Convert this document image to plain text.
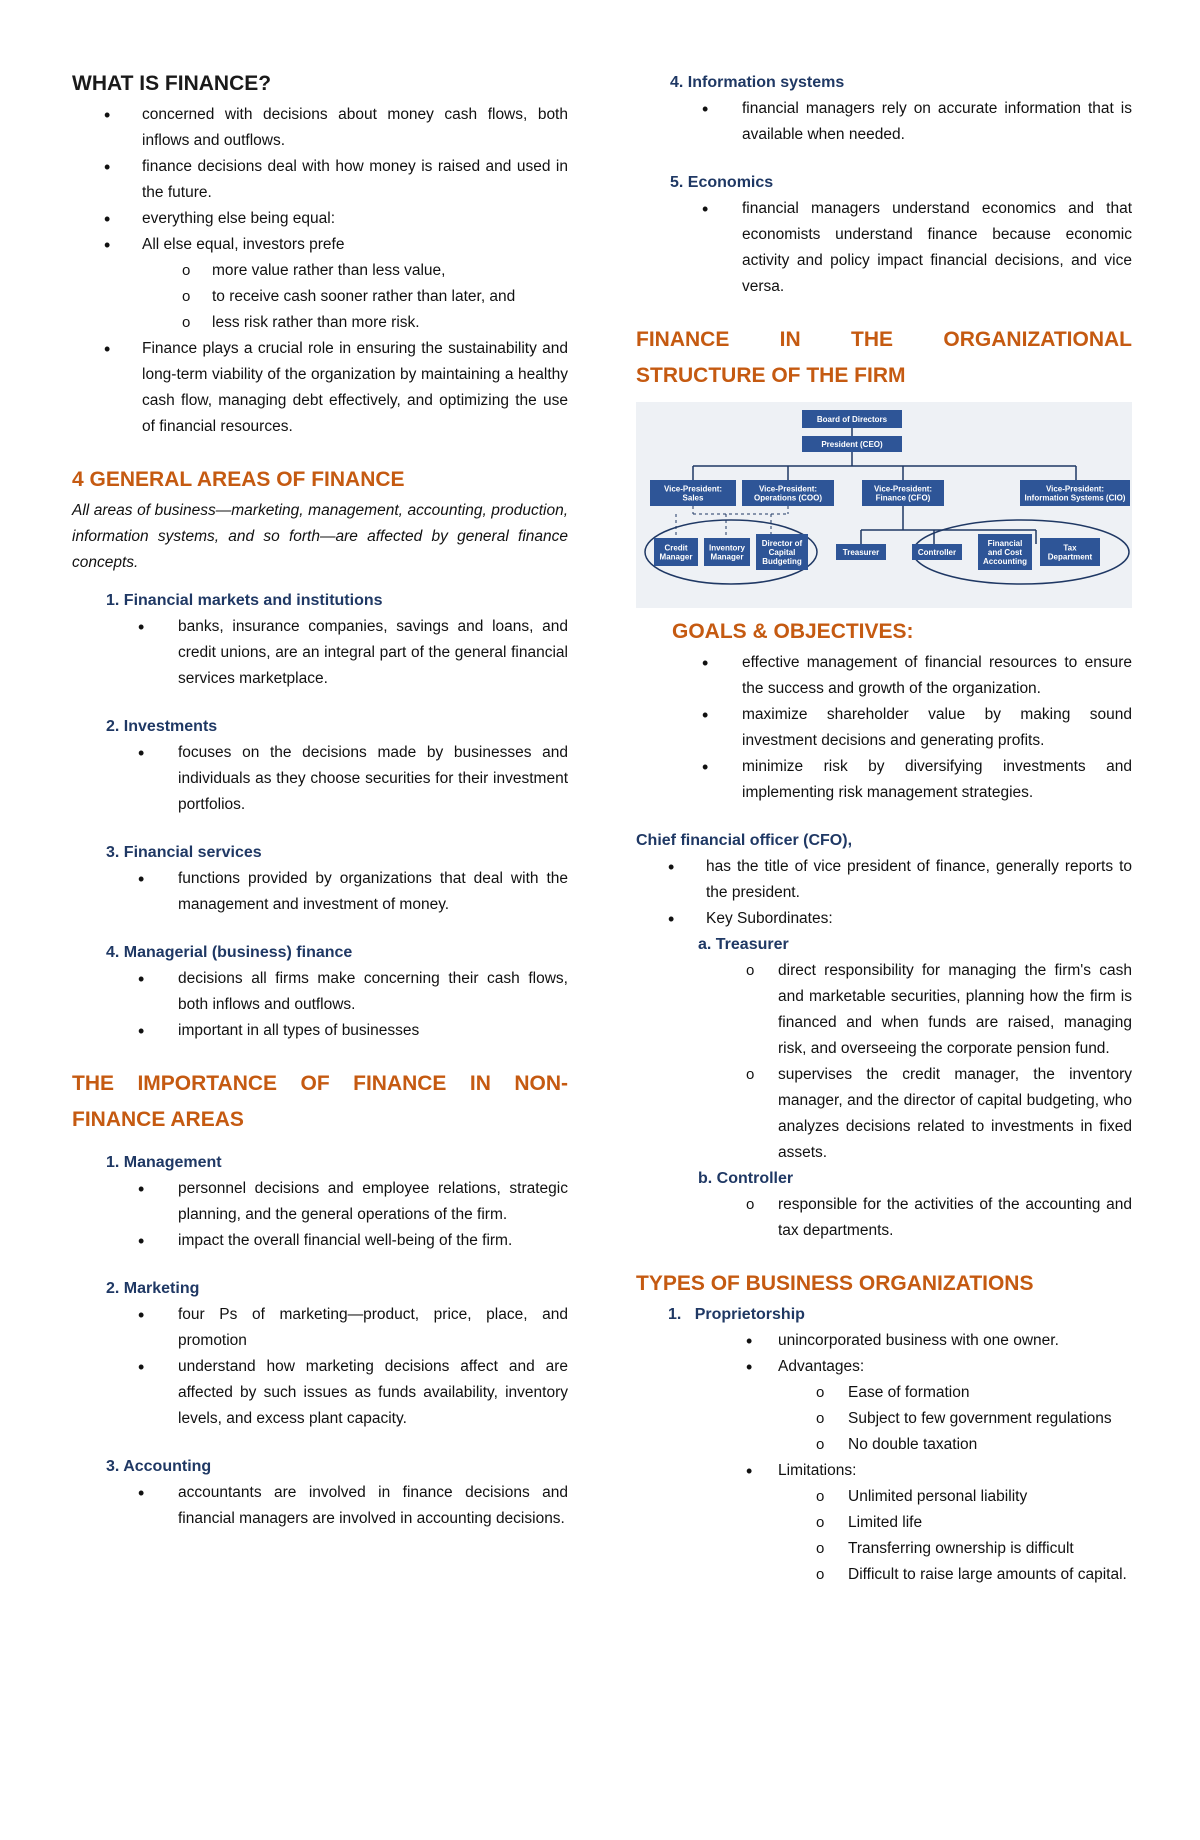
WHAT IS FINANCE?
• concerned with decisions about money cash flows, both inflows and outflows.
• finance decisions deal with how money is raised and used in the future.
• everything else being equal:
• All else equal, investors prefe
o more value rather than less value,
o to receive cash sooner rather than later, and
o less risk rather than more risk.
• Finance plays a crucial role in ensuring the sustainability and long-term viability of the organization by maintaining a healthy cash flow, managing debt effectively, and optimizing the use of financial resources.
4 GENERAL AREAS OF FINANCE

All areas of business—marketing, management, accounting, production, information systems, and so forth—are affected by general finance concepts.

1. Financial markets and institutions
• banks, insurance companies, savings and loans, and credit unions, are an integral part of the general financial services marketplace.
2. Investments
• focuses on the decisions made by businesses and individuals as they choose securities for their investment portfolios.
3. Financial services
• functions provided by organizations that deal with the management and investment of money.
4. Managerial (business) finance
• decisions all firms make concerning their cash flows, both inflows and outflows.
• important in all types of businesses
THE IMPORTANCE OF FINANCE IN NON-FINANCE AREAS
1. Management
• personnel decisions and employee relations, strategic planning, and the general operations of the firm.
• impact the overall financial well-being of the firm.
2. Marketing
• four Ps of marketing—product, price, place, and promotion
• understand how marketing decisions affect and are affected by such issues as funds availability, inventory levels, and excess plant capacity.
3. Accounting
• accountants are involved in finance decisions and financial managers are involved in accounting decisions.
4. Information systems
• financial managers rely on accurate information that is available when needed.
5. Economics
• financial managers understand economics and that economists understand finance because economic activity and policy impact financial decisions, and vice versa.
FINANCE IN THE ORGANIZATIONAL STRUCTURE OF THE FIRM
Board of Directors
President (CEO)
Vice-President:
Sales
Vice-President:
Operations (COO)
Vice-President:
Finance (CFO)
Vice-President:
Information Systems (CIO)
Credit
Manager
Inventory
Manager
Director of
Capital
Budgeting
Treasurer	Controller
Financial
and Cost
Accounting
Tax
Department
GOALS & OBJECTIVES:
• effective management of financial resources to ensure the success and growth of the organization.
• maximize shareholder value by making sound investment decisions and generating profits.
• minimize risk by diversifying investments and implementing risk management strategies.
Chief financial officer (CFO),
• has the title of vice president of finance, generally reports to the president.
• Key Subordinates:
a. Treasurer
o direct responsibility for managing the firm's cash and marketable securities, planning how the firm is financed and when funds are raised, managing risk, and overseeing the corporate pension fund.
o supervises the credit manager, the inventory manager, and the director of capital budgeting, who analyzes decisions related to investments in fixed assets.
b. Controller
o responsible for the activities of the accounting and tax departments.
TYPES OF BUSINESS ORGANIZATIONS
1. Proprietorship
• unincorporated business with one owner.
• Advantages:
o Ease of formation
o Subject to few government regulations
o No double taxation
• Limitations:
o Unlimited personal liability
o Limited life
o Transferring ownership is difficult
o Difficult to raise large amounts of capital.
